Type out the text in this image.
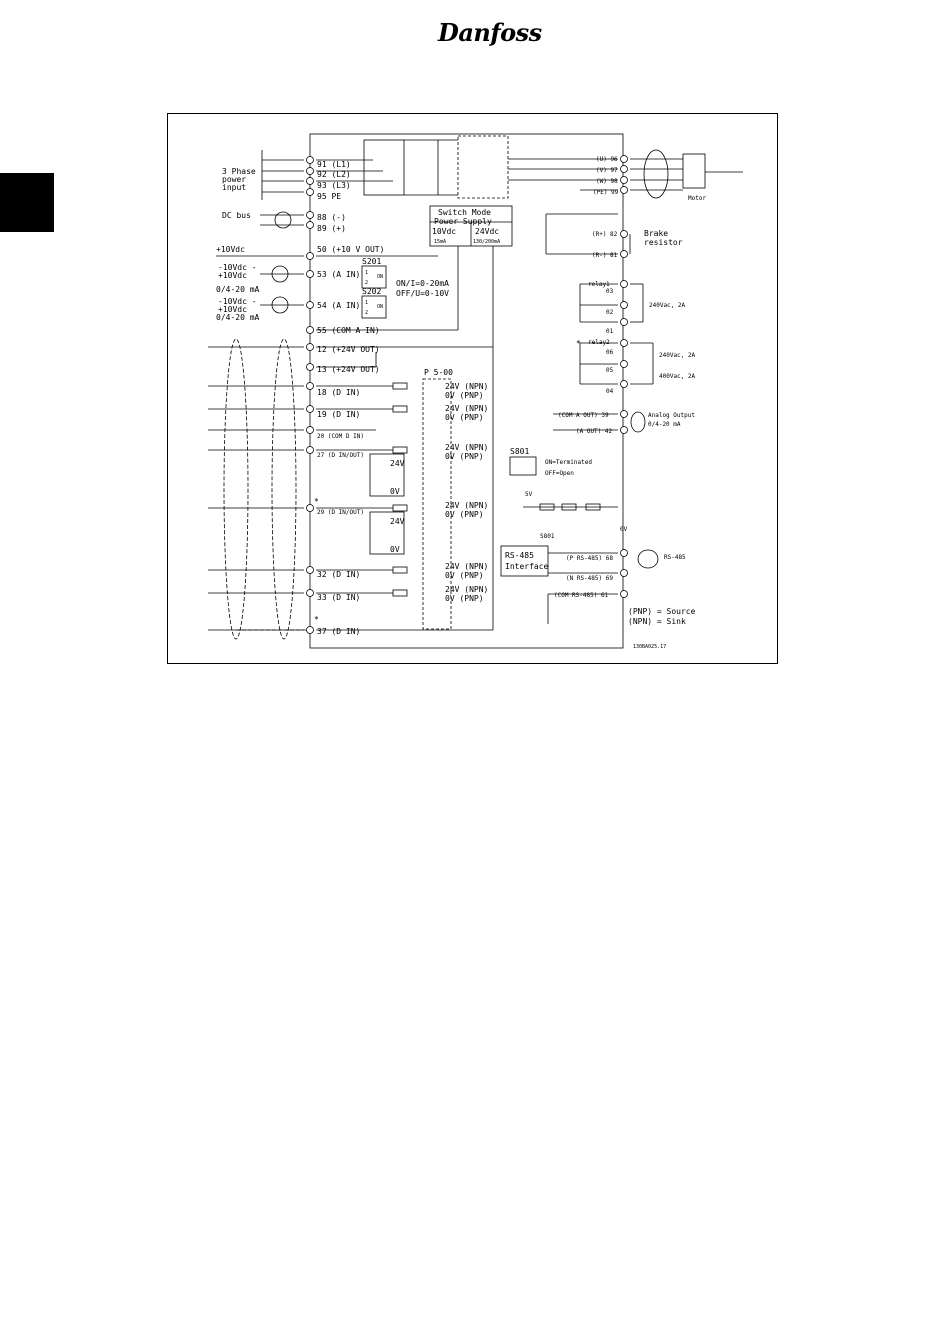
Danfoss
3 Phase
power
input
91 (L1)
92 (L2)
93 (L3)
95 PE
DC bus	88 (-)
89 (+)
Switch Mode
Power Supply
10Vdc
15mA
24Vdc
130/200mA
+10Vdc	50 (+10 V OUT)
-10Vdc -
+10Vdc
0/4-20 mA
53 (A IN)
-10Vdc -
+10Vdc
0/4-20 mA
54 (A IN)
55 (COM A IN)
S201
S202
1
2
ON
1
2
ON
ON/I=0-20mA
OFF/U=0-10V
12 (+24V OUT)
13 (+24V OUT)	P 5-00
18 (D IN)
24V (NPN)
0V (PNP)
19 (D IN)
24V (NPN)
0V (PNP)
20 (COM D IN)
27 (D IN/OUT)
24V (NPN)
0V (PNP)
24V
0V
*
29 (D IN/OUT)
24V (NPN)
0V (PNP)
24V
0V
32 (D IN)
24V (NPN)
0V (PNP)
33 (D IN)
24V (NPN)
0V (PNP)
*
37 (D IN)
(U) 96
(V) 97
(W) 98
(PE) 99
Motor
(R+) 82
(R-) 81
Brake
resistor
relay1
03
02
01
240Vac, 2A
* relay2
06
05
04
240Vac, 2A
400Vac, 2A
(COM A OUT) 39
(A OUT) 42
Analog Output
0/4-20 mA
S801
ON=Terminated
OFF=Open
5V
0V
S801
RS-485
Interface
(P RS-485) 68
(N RS-485) 69
(COM RS-485) 61
RS-485
(PNP) = Source
(NPN) = Sink
130BA025.17
